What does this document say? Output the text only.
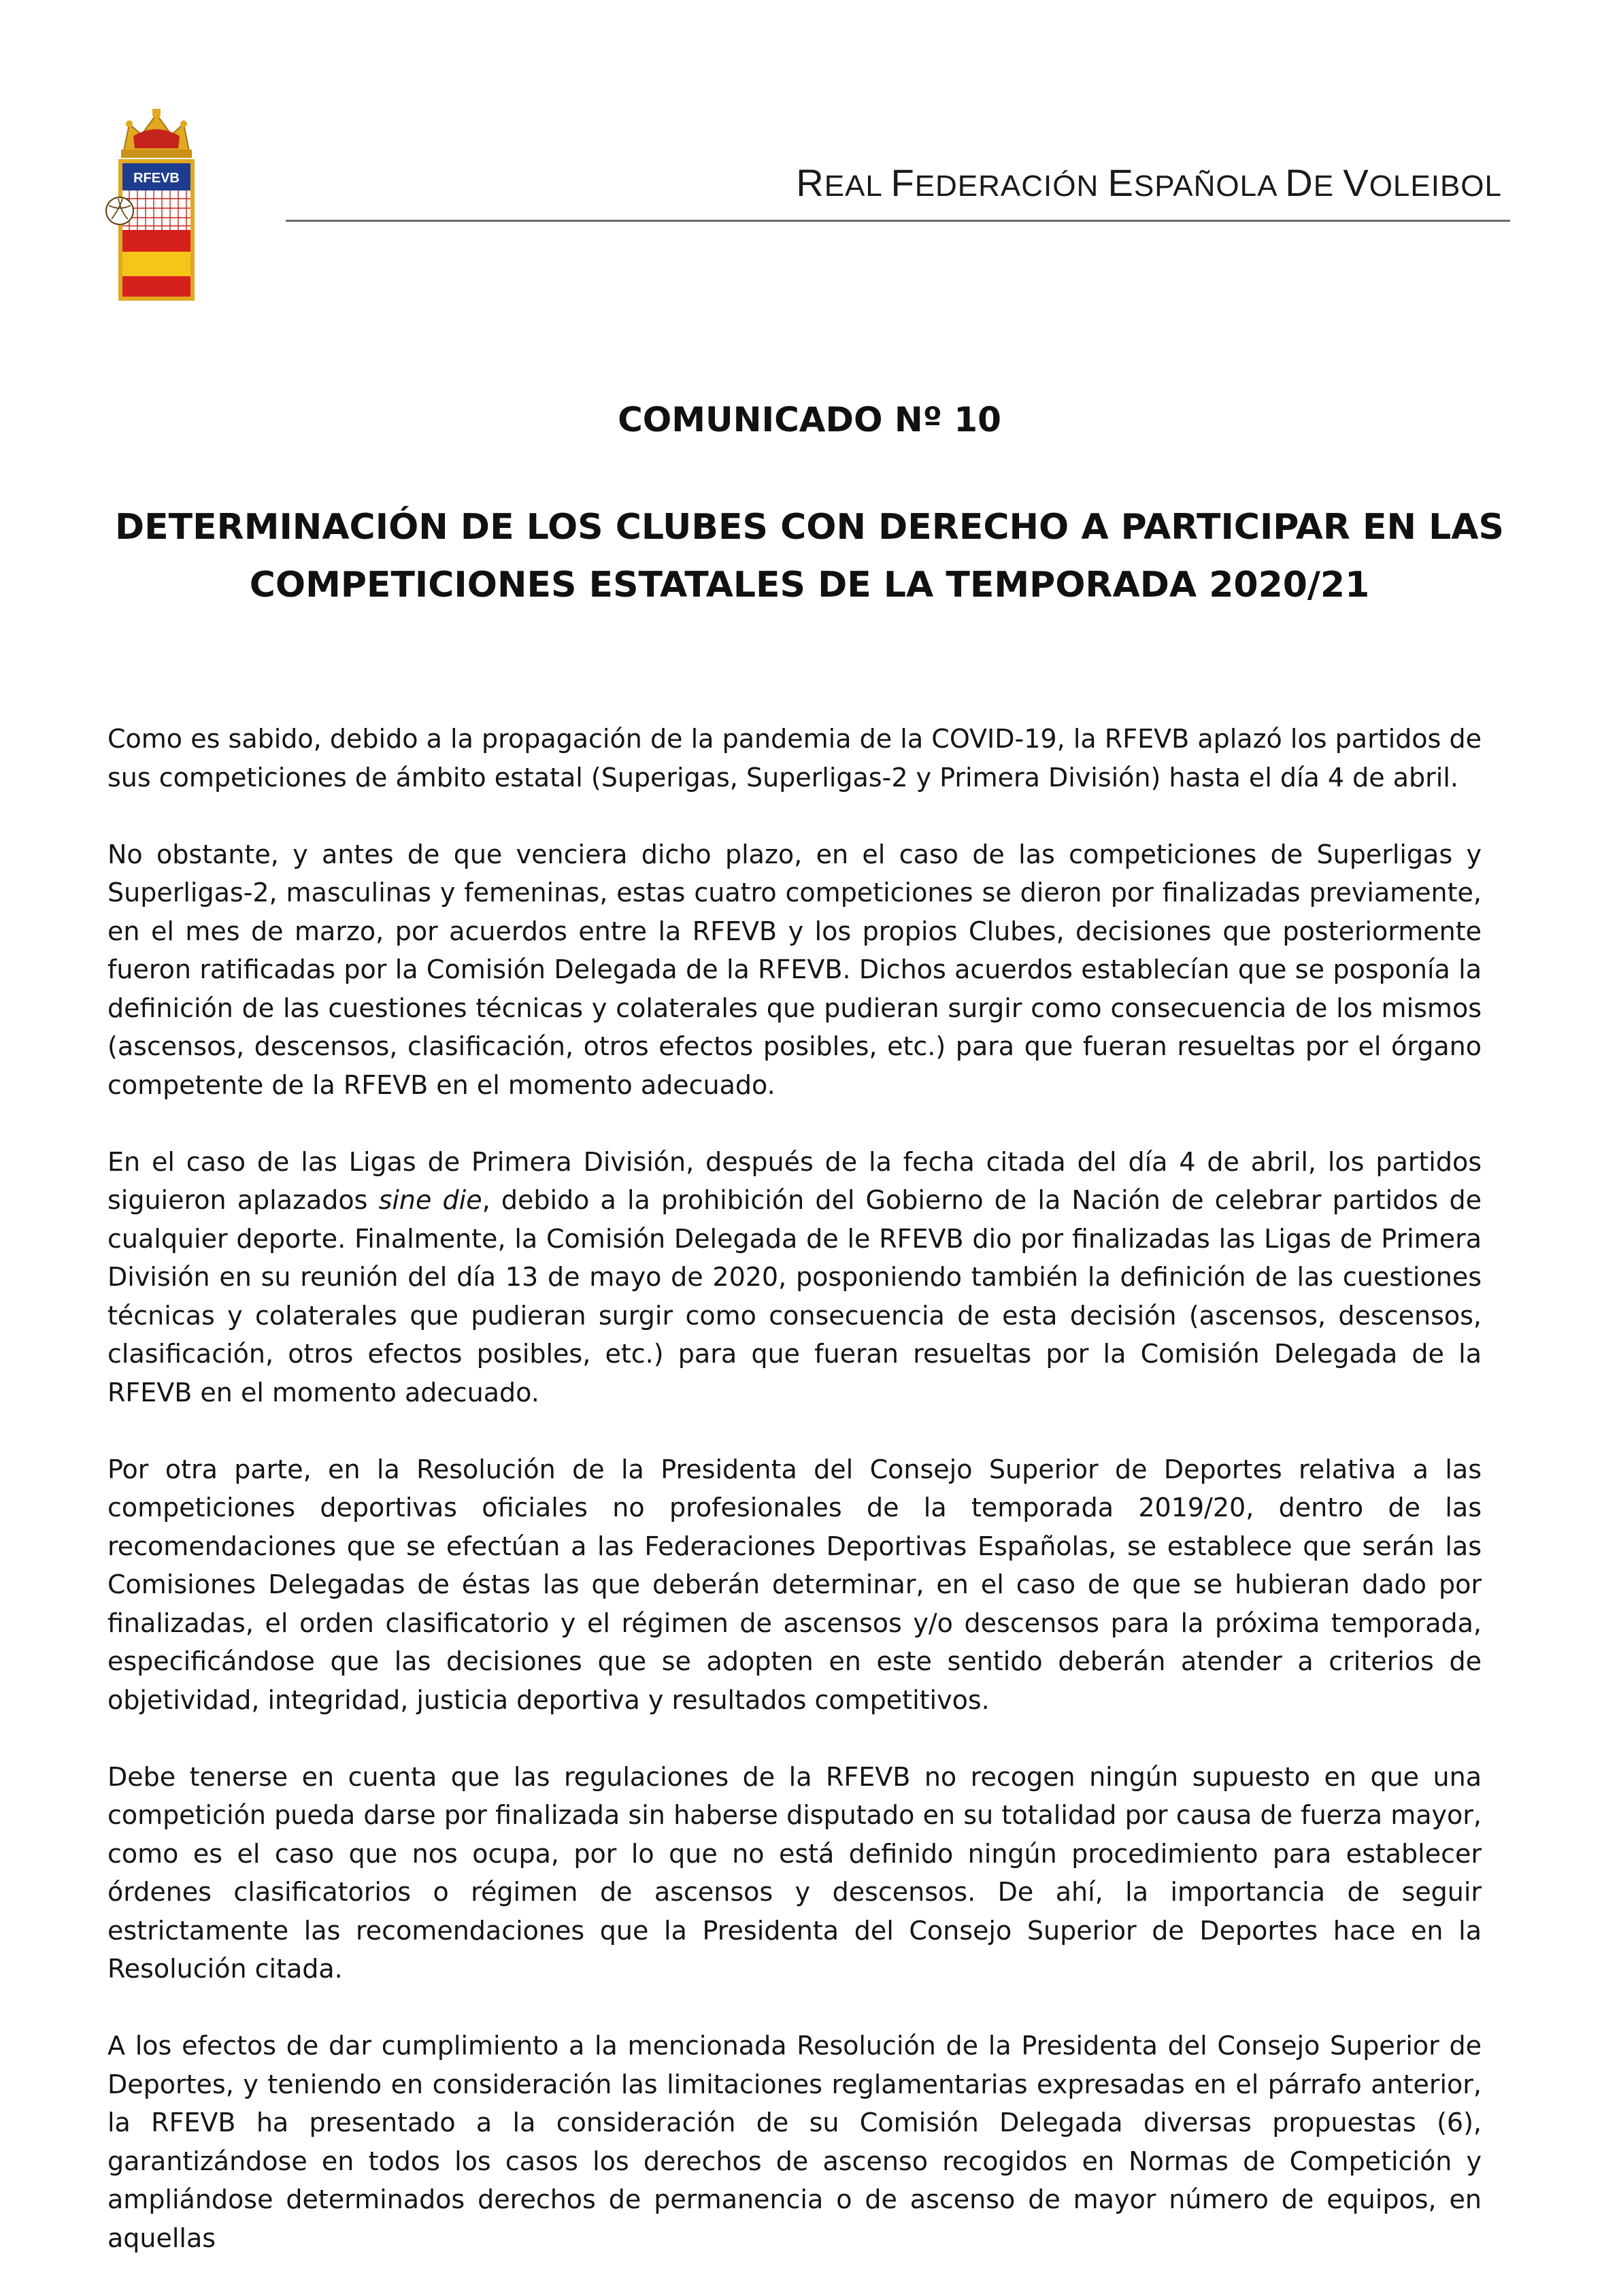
RFEVB	REAL FEDERACIÓN ESPAÑOLA DE VOLEIBOL
COMUNICADO Nº 10
DETERMINACIÓN DE LOS CLUBES CON DERECHO A PARTICIPAR EN LAS
COMPETICIONES ESTATALES DE LA TEMPORADA 2020/21

Como es sabido, debido a la propagación de la pandemia de la COVID-19, la RFEVB aplazó los partidos de sus competiciones de ámbito estatal (Superigas, Superligas-2 y Primera División) hasta el día 4 de abril.

No obstante, y antes de que venciera dicho plazo, en el caso de las competiciones de Superligas y Superligas-2, masculinas y femeninas, estas cuatro competiciones se dieron por finalizadas previamente, en el mes de marzo, por acuerdos entre la RFEVB y los propios Clubes, decisiones que posteriormente fueron ratificadas por la Comisión Delegada de la RFEVB. Dichos acuerdos establecían que se posponía la definición de las cuestiones técnicas y colaterales que pudieran surgir como consecuencia de los mismos (ascensos, descensos, clasificación, otros efectos posibles, etc.) para que fueran resueltas por el órgano competente de la RFEVB en el momento adecuado.

En el caso de las Ligas de Primera División, después de la fecha citada del día 4 de abril, los partidos siguieron aplazados sine die, debido a la prohibición del Gobierno de la Nación de celebrar partidos de cualquier deporte. Finalmente, la Comisión Delegada de le RFEVB dio por finalizadas las Ligas de Primera División en su reunión del día 13 de mayo de 2020, posponiendo también la definición de las cuestiones técnicas y colaterales que pudieran surgir como consecuencia de esta decisión (ascensos, descensos, clasificación, otros efectos posibles, etc.) para que fueran resueltas por la Comisión Delegada de la RFEVB en el momento adecuado.

Por otra parte, en la Resolución de la Presidenta del Consejo Superior de Deportes relativa a las competiciones deportivas oficiales no profesionales de la temporada 2019/20, dentro de las recomendaciones que se efectúan a las Federaciones Deportivas Españolas, se establece que serán las Comisiones Delegadas de éstas las que deberán determinar, en el caso de que se hubieran dado por finalizadas, el orden clasificatorio y el régimen de ascensos y/o descensos para la próxima temporada, especificándose que las decisiones que se adopten en este sentido deberán atender a criterios de objetividad, integridad, justicia deportiva y resultados competitivos.

Debe tenerse en cuenta que las regulaciones de la RFEVB no recogen ningún supuesto en que una competición pueda darse por finalizada sin haberse disputado en su totalidad por causa de fuerza mayor, como es el caso que nos ocupa, por lo que no está definido ningún procedimiento para establecer órdenes clasificatorios o régimen de ascensos y descensos. De ahí, la importancia de seguir estrictamente las recomendaciones que la Presidenta del Consejo Superior de Deportes hace en la Resolución citada.

A los efectos de dar cumplimiento a la mencionada Resolución de la Presidenta del Consejo Superior de Deportes, y teniendo en consideración las limitaciones reglamentarias expresadas en el párrafo anterior, la RFEVB ha presentado a la consideración de su Comisión Delegada diversas propuestas (6), garantizándose en todos los casos los derechos de ascenso recogidos en Normas de Competición y ampliándose determinados derechos de permanencia o de ascenso de mayor número de equipos, en aquellas
